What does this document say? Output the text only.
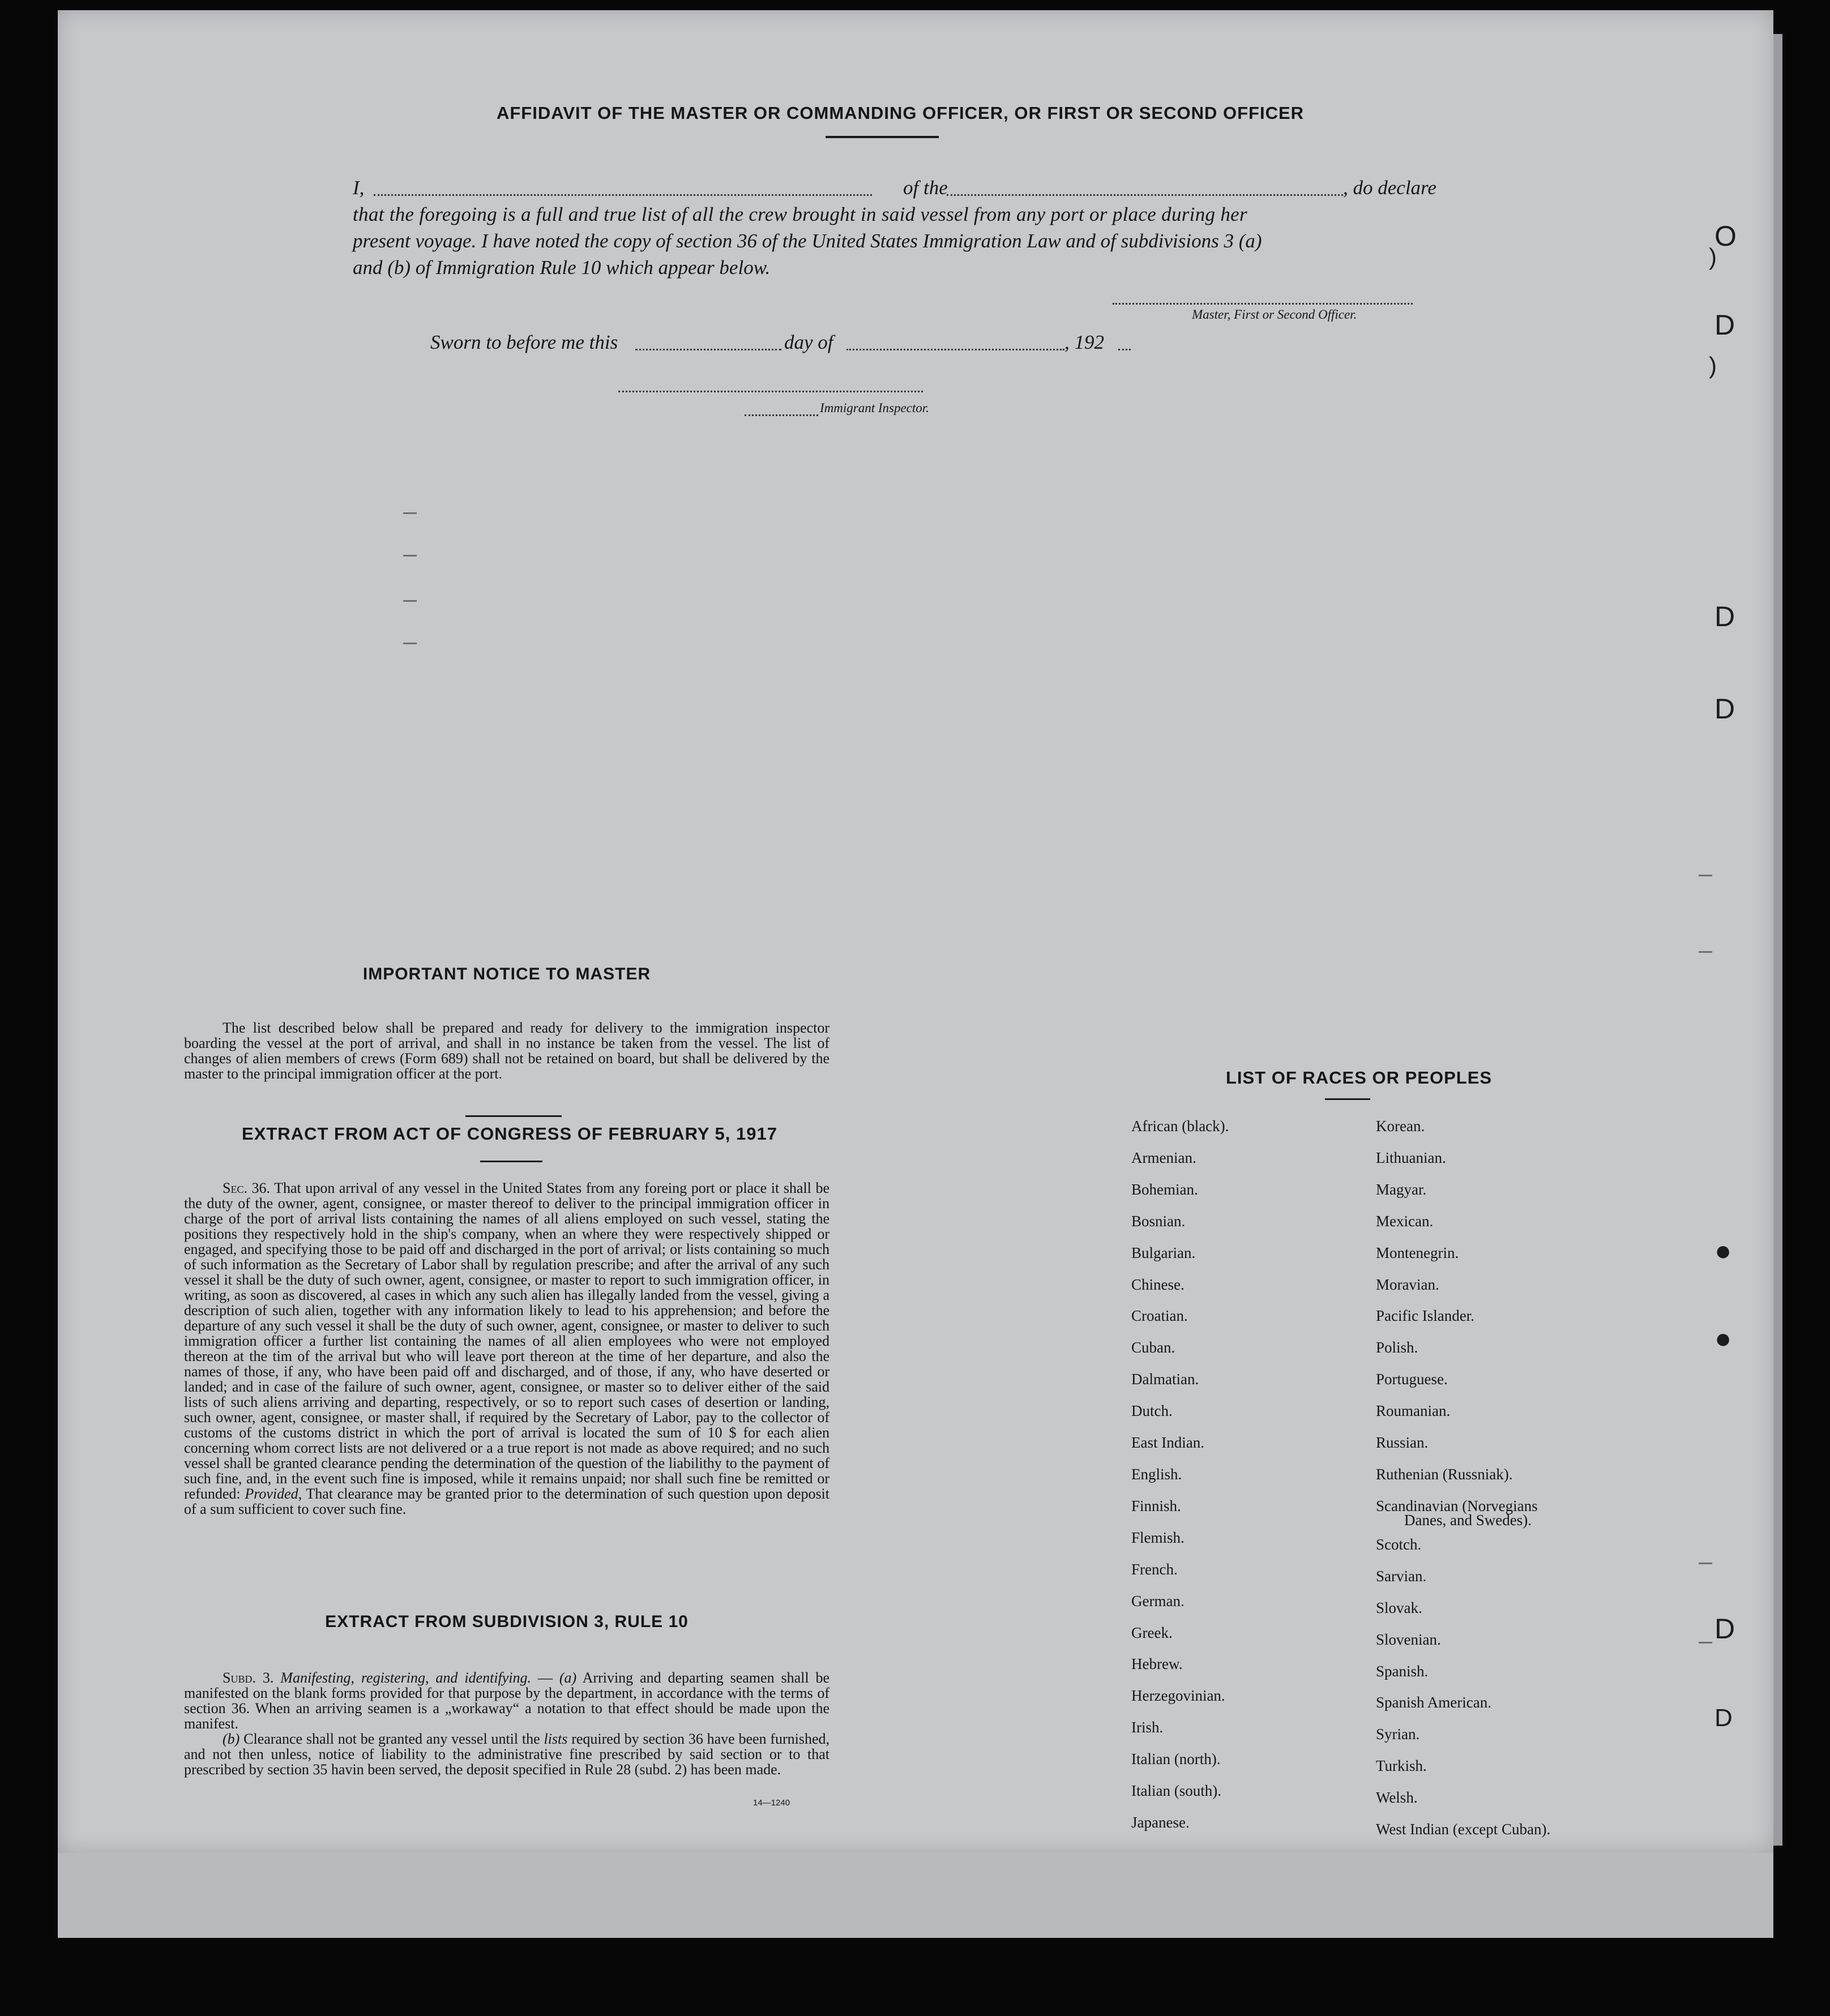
AFFIDAVIT OF THE MASTER OR COMMANDING OFFICER, OR FIRST OR SECOND OFFICER
I,	of the	, do declare
that the foregoing is a full and true list of all the crew brought in said vessel from any port or place during her
present voyage. I have noted the copy of section 36 of the United States Immigration Law and of subdivisions 3 (a)
and (b) of Immigration Rule 10 which appear below.
Master, First or Second Officer.
Sworn to before me this	day of	, 192
Immigrant Inspector.
IMPORTANT NOTICE TO MASTER
The list described below shall be prepared and ready for delivery to the immigration inspector boarding the vessel at the port of arrival, and shall in no instance be taken from the vessel. The list of changes of alien members of crews (Form 689) shall not be retained on board, but shall be delivered by the master to the principal immigration officer at the port.
EXTRACT FROM ACT OF CONGRESS OF FEBRUARY 5, 1917
Sec. 36. That upon arrival of any vessel in the United States from any foreing port or place it shall be the duty of the owner, agent, consignee, or master thereof to deliver to the principal immigration officer in charge of the port of arrival lists containing the names of all aliens employed on such vessel, stating the positions they respectively hold in the ship's company, when an where they were respectively shipped or engaged, and specifying those to be paid off and discharged in the port of arrival; or lists containing so much of such information as the Secretary of Labor shall by regulation prescribe; and after the arrival of any such vessel it shall be the duty of such owner, agent, consignee, or master to report to such immigration officer, in writing, as soon as discovered, al cases in which any such alien has illegally landed from the vessel, giving a description of such alien, together with any information likely to lead to his apprehension; and before the departure of any such vessel it shall be the duty of such owner, agent, consignee, or master to deliver to such immigration officer a further list containing the names of all alien employees who were not employed thereon at the tim of the arrival but who will leave port thereon at the time of her departure, and also the names of those, if any, who have been paid off and discharged, and of those, if any, who have deserted or landed; and in case of the failure of such owner, agent, consignee, or master so to deliver either of the said lists of such aliens arriving and departing, respectively, or so to report such cases of desertion or landing, such owner, agent, consignee, or master shall, if required by the Secretary of Labor, pay to the collector of customs of the customs district in which the port of arrival is located the sum of 10 $ for each alien concerning whom correct lists are not delivered or a a true report is not made as above required; and no such vessel shall be granted clearance pending the determination of the question of the liabilithy to the payment of such fine, and, in the event such fine is imposed, while it remains unpaid; nor shall such fine be remitted or refunded: Provided, That clearance may be granted prior to the determination of such question upon deposit of a sum sufficient to cover such fine.
EXTRACT FROM SUBDIVISION 3, RULE 10
Subd. 3. Manifesting, registering, and identifying. — (a) Arriving and departing seamen shall be manifested on the blank forms provided for that purpose by the department, in accordance with the terms of section 36. When an arriving seamen is a „workaway“ a notation to that effect should be made upon the manifest.
(b) Clearance shall not be granted any vessel until the lists required by section 36 have been furnished, and not then unless, notice of liability to the administrative fine prescribed by said section or to that prescribed by section 35 havin been served, the deposit specified in Rule 28 (subd. 2) has been made.
14—1240
LIST OF RACES OR PEOPLES
African (black).
Armenian.
Bohemian.
Bosnian.
Bulgarian.
Chinese.
Croatian.
Cuban.
Dalmatian.
Dutch.
East Indian.
English.
Finnish.
Flemish.
French.
German.
Greek.
Hebrew.
Herzegovinian.
Irish.
Italian (north).
Italian (south).
Japanese.
Korean.
Lithuanian.
Magyar.
Mexican.
Montenegrin.
Moravian.
Pacific Islander.
Polish.
Portuguese.
Roumanian.
Russian.
Ruthenian (Russniak).
Scandinavian (Norvegians
Danes, and Swedes).
Scotch.
Sarvian.
Slovak.
Slovenian.
Spanish.
Spanish American.
Syrian.
Turkish.
Welsh.
West Indian (except Cuban).
O
D
)
)
D
D
●
●
D
D
